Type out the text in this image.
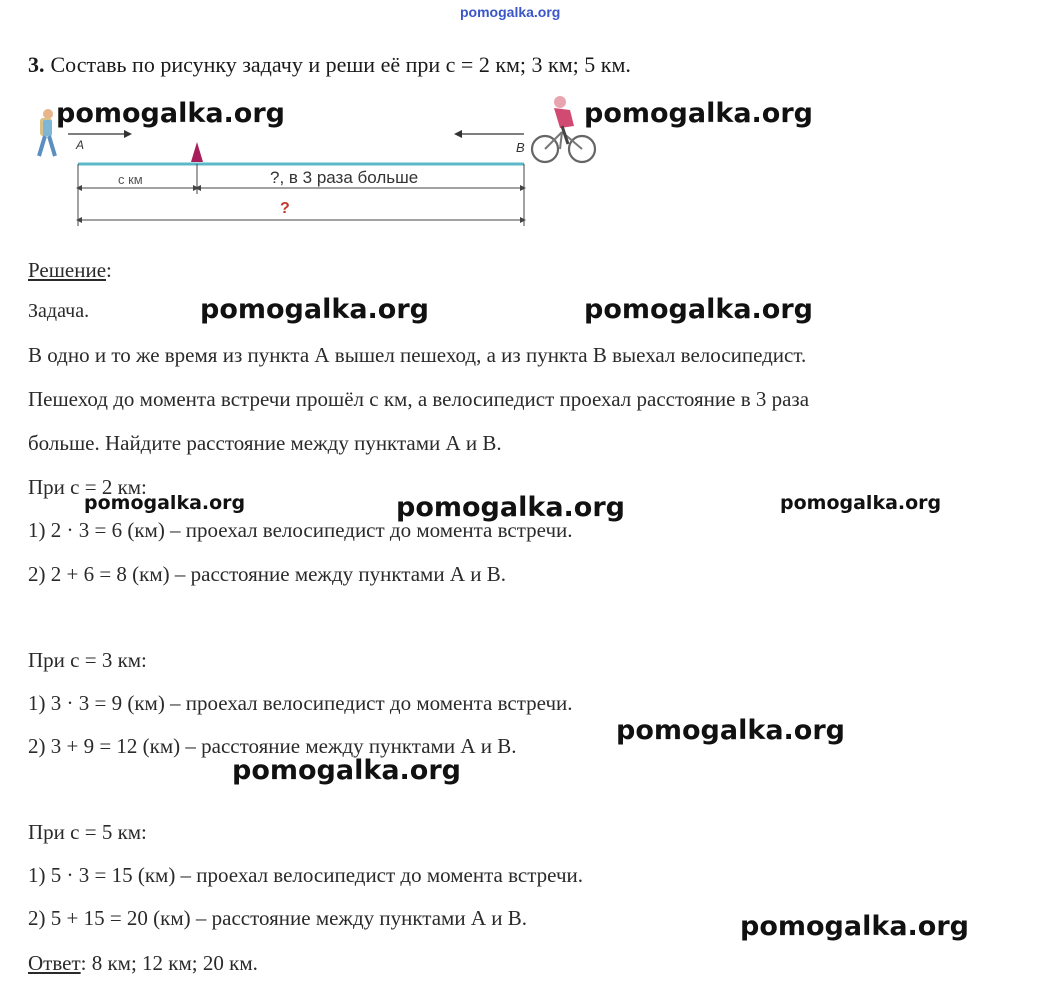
pomogalka.org
3. Составь по рисунку задачу и реши её при с = 2 км; 3 км; 5 км.
A	B
с км	?, в 3 раза больше
?
Решение:
Задача.
В одно и то же время из пункта А вышел пешеход, а из пункта В выехал велосипедист.
Пешеход до момента встречи прошёл с км, а велосипедист проехал расстояние в 3 раза
больше. Найдите расстояние между пунктами А и В.
При с = 2 км:
1) 2 · 3 = 6 (км) – проехал велосипедист до момента встречи.
2) 2 + 6 = 8 (км) – расстояние между пунктами А и В.
При с = 3 км:
1) 3 · 3 = 9 (км) – проехал велосипедист до момента встречи.
2) 3 + 9 = 12 (км) – расстояние между пунктами А и В.
При с = 5 км:
1) 5 · 3 = 15 (км) – проехал велосипедист до момента встречи.
2) 5 + 15 = 20 (км) – расстояние между пунктами А и В.
Ответ: 8 км; 12 км; 20 км.
pomogalka.org	pomogalka.org
pomogalka.org	pomogalka.org
pomogalka.org	pomogalka.org	pomogalka.org
pomogalka.org
pomogalka.org
pomogalka.org
